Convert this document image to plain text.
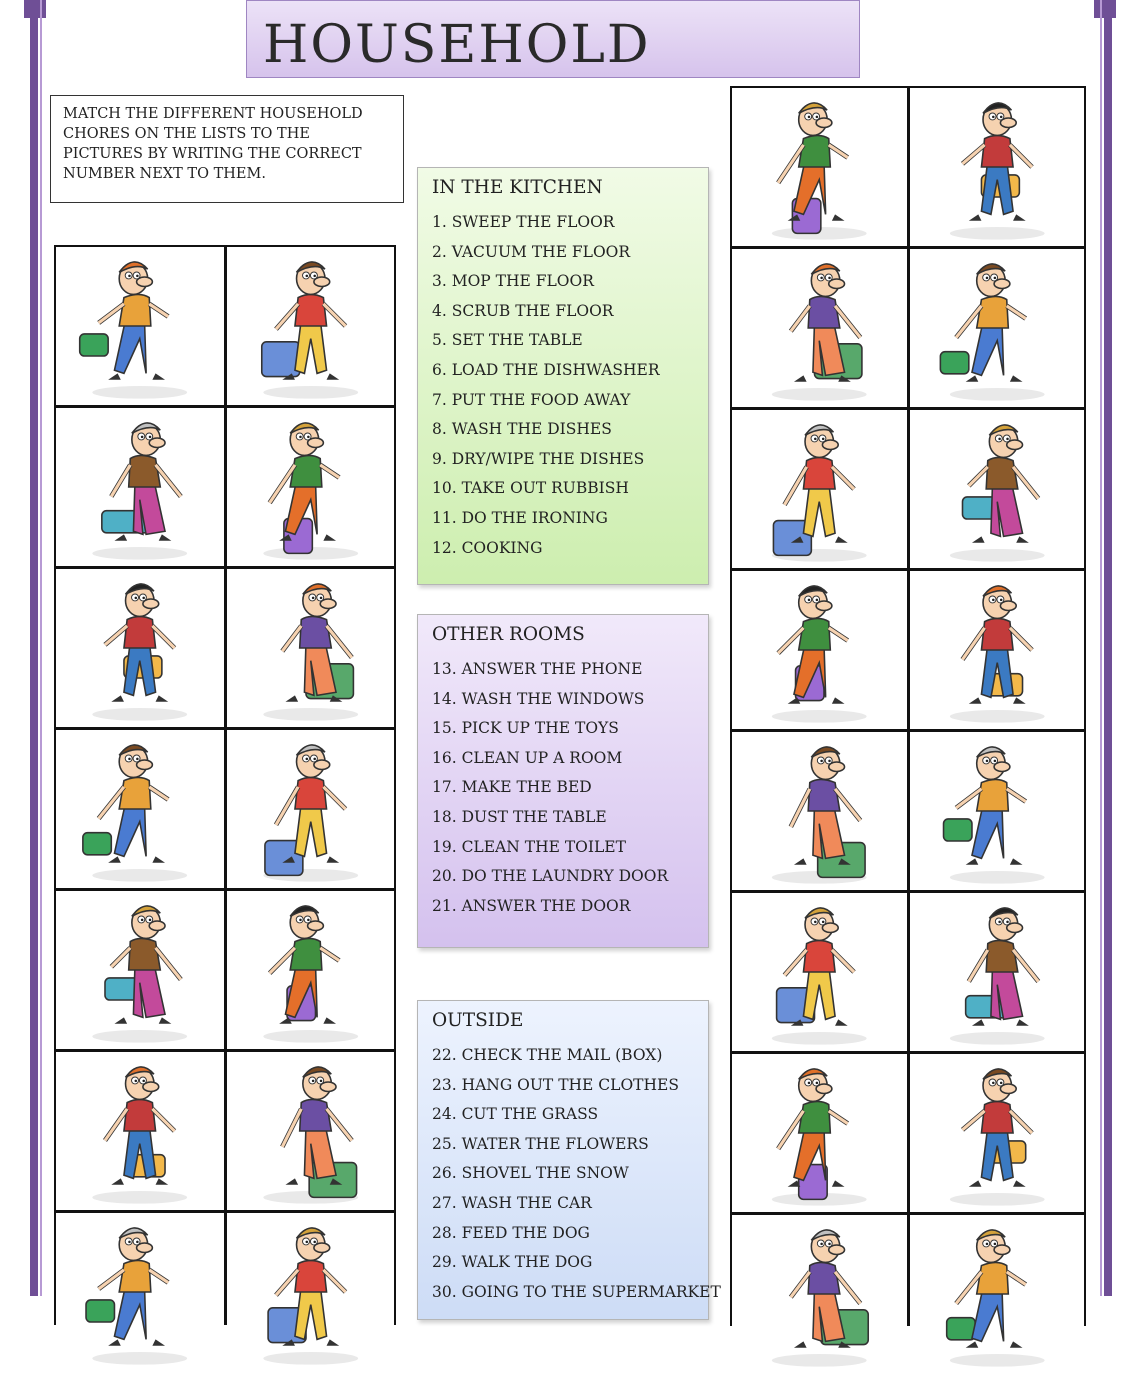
HOUSEHOLD
MATCH THE DIFFERENT HOUSEHOLD CHORES ON THE LISTS TO THE PICTURES BY WRITING THE CORRECT NUMBER NEXT TO THEM.
IN THE KITCHEN
1. SWEEP THE FLOOR
2. VACUUM THE FLOOR
3. MOP THE FLOOR
4. SCRUB THE FLOOR
5. SET THE TABLE
6. LOAD THE DISHWASHER
7. PUT THE FOOD AWAY
8. WASH THE DISHES
9. DRY/WIPE THE DISHES
10. TAKE OUT RUBBISH
11. DO THE IRONING
12. COOKING
OTHER ROOMS
13. ANSWER THE PHONE
14. WASH THE WINDOWS
15. PICK UP THE TOYS
16. CLEAN UP A ROOM
17. MAKE THE BED
18. DUST THE TABLE
19. CLEAN THE TOILET
20. DO THE LAUNDRY DOOR
21. ANSWER THE DOOR
OUTSIDE
22. CHECK THE MAIL (BOX)
23. HANG OUT THE CLOTHES
24. CUT THE GRASS
25. WATER THE FLOWERS
26. SHOVEL THE SNOW
27. WASH THE CAR
28. FEED THE DOG
29. WALK THE DOG
30. GOING TO THE SUPERMARKET
